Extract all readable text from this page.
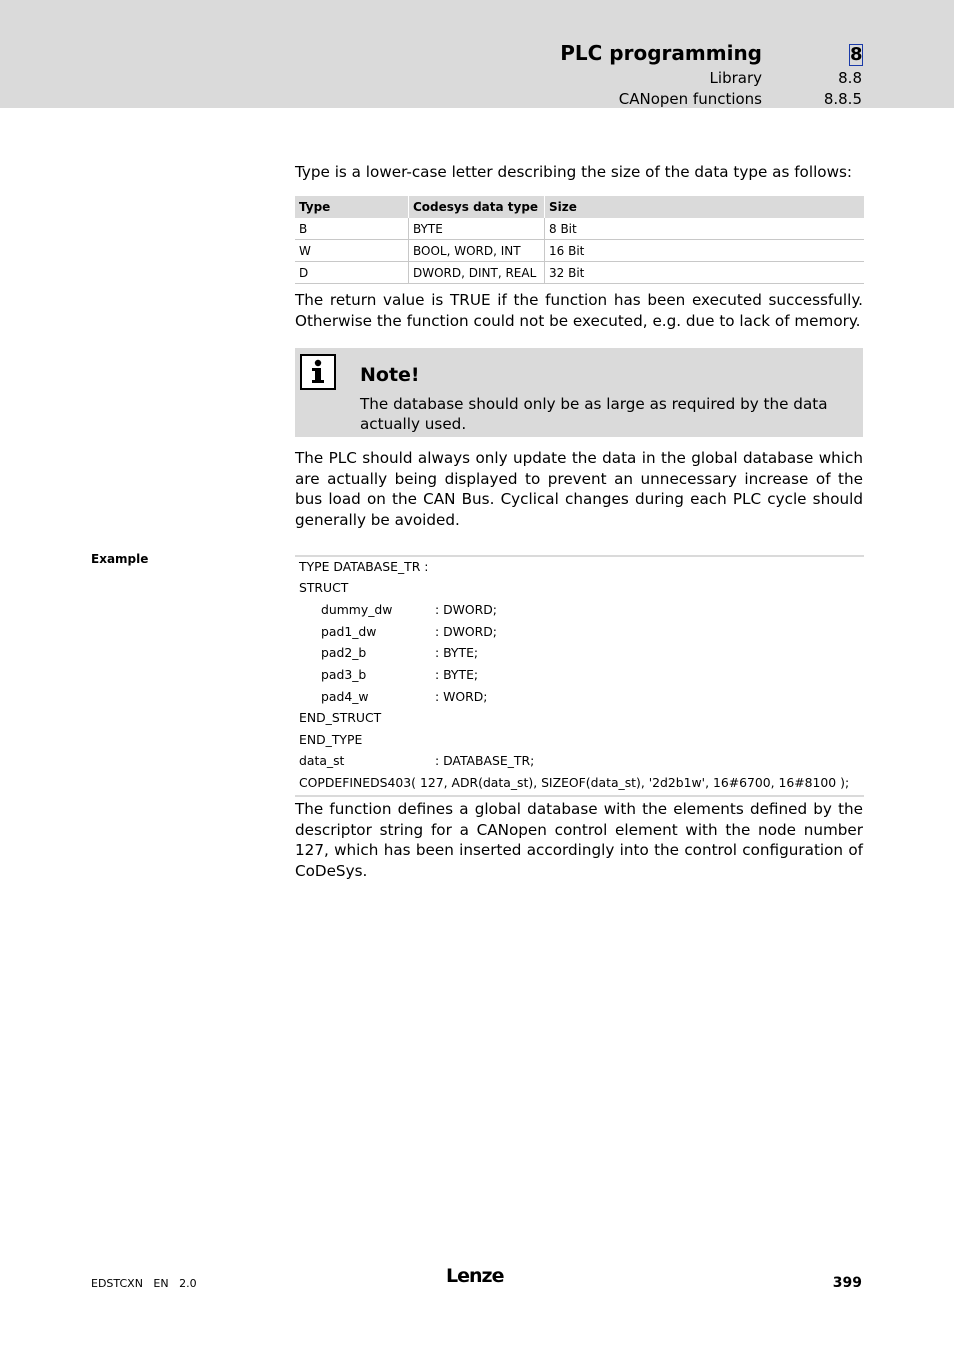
PLC programming	8
Library	8.8
CANopen functions	8.8.5
Type is a lower-case letter describing the size of the data type as follows:
Type	Codesys data type	Size
B	BYTE	8 Bit
W	BOOL, WORD, INT	16 Bit
D	DWORD, DINT, REAL	32 Bit
The return value is TRUE if the function has been executed successfully. Otherwise the function could not be executed, e.g. due to lack of memory.
Note!
The database should only be as large as required by the data actually used.
The PLC should always only update the data in the global database which are actually being displayed to prevent an unnecessary increase of the bus load on the CAN Bus. Cyclical changes during each PLC cycle should generally be avoided.
Example	TYPE DATABASE_TR :
STRUCT
dummy_dw	: DWORD;
pad1_dw	: DWORD;
pad2_b	: BYTE;
pad3_b	: BYTE;
pad4_w	: WORD;
END_STRUCT
END_TYPE
data_st	: DATABASE_TR;
COPDEFINEDS403( 127, ADR(data_st), SIZEOF(data_st), '2d2b1w', 16#6700, 16#8100 );
The function defines a global database with the elements defined by the descriptor string for a CANopen control element with the node number 127, which has been inserted accordingly into the control configuration of CoDeSys.
EDSTCXN   EN   2.0	Lenze	399
